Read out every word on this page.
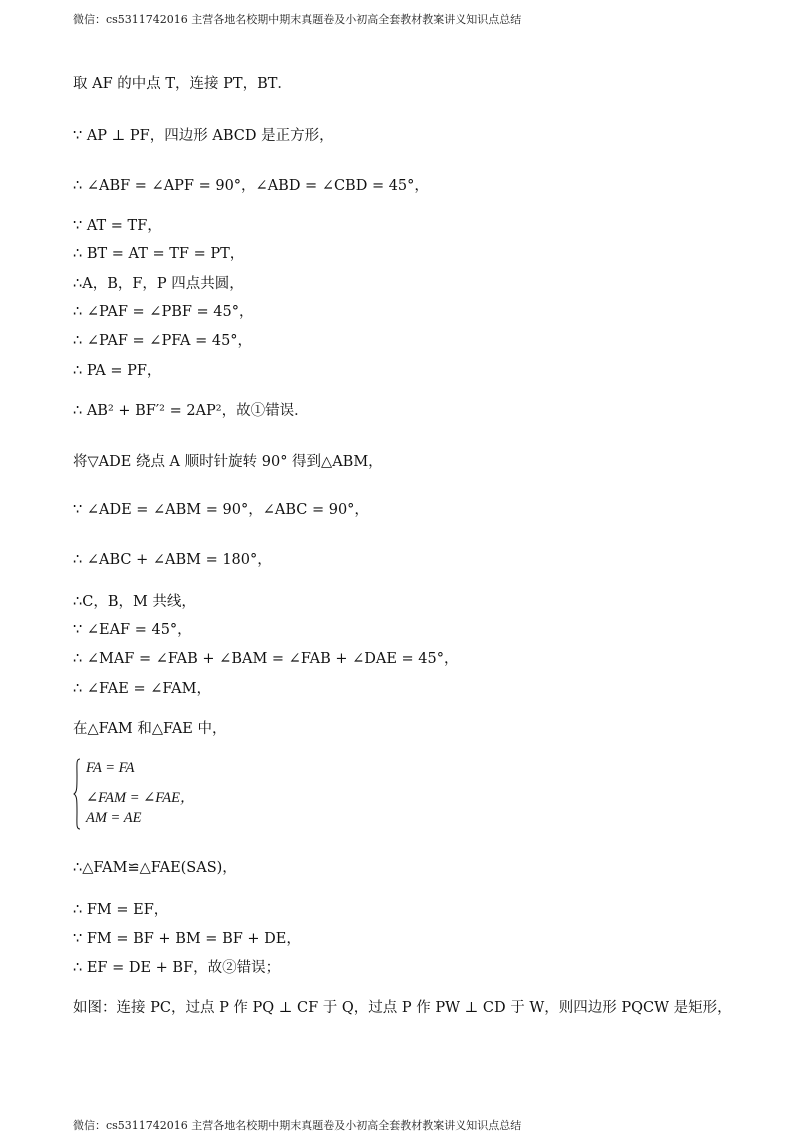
微信：cs5311742016 主营各地名校期中期末真题卷及小初高全套教材教案讲义知识点总结
取 AF 的中点 T，连接 PT，BT．
∵ AP ⊥ PF，四边形 ABCD 是正方形，
∴ ∠ABF = ∠APF = 90°，∠ABD = ∠CBD = 45°，
∵ AT = TF，
∴ BT = AT = TF = PT，
∴A，B，F，P 四点共圆，
∴ ∠PAF = ∠PBF = 45°，
∴ ∠PAF = ∠PFA = 45°，
∴ PA = PF，
∴ AB² + BF′² = 2AP²，故①错误．
将▽ADE 绕点 A 顺时针旋转 90° 得到△ABM，
∵ ∠ADE = ∠ABM = 90°，∠ABC = 90°，
∴ ∠ABC + ∠ABM = 180°，
∴C，B，M 共线，
∵ ∠EAF = 45°，
∴ ∠MAF = ∠FAB + ∠BAM = ∠FAB + ∠DAE = 45°，
∴ ∠FAE = ∠FAM，
在△FAM 和△FAE 中，
FA = FA
∠FAM = ∠FAE，
AM = AE
∴△FAM≌△FAE(SAS)，
∴ FM = EF，
∵ FM = BF + BM = BF + DE，
∴ EF = DE + BF，故②错误；
如图：连接 PC，过点 P 作 PQ ⊥ CF 于 Q，过点 P 作 PW ⊥ CD 于 W，则四边形 PQCW 是矩形，
微信：cs5311742016 主营各地名校期中期末真题卷及小初高全套教材教案讲义知识点总结
